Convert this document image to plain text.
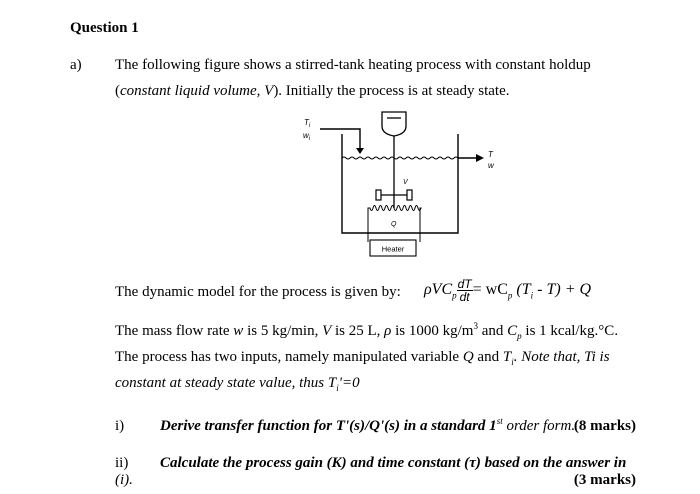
Question 1
a) The following figure shows a stirred-tank heating process with constant holdup
(constant liquid volume, V). Initially the process is at steady state.
$T_i$
$w_i$
T
w
V
Q
Heater
The dynamic model for the process is given by: $\rho VC_p \frac{dT}{dt} = wC_p$ $(T_i - T) + Q$
The mass flow rate w is 5 kg/min, V is 25 L, ρ is 1000 $kg/m^3$ and $C_p$ is 1 kcal/kg.°C.
The process has two inputs, namely manipulated variable Q and $T_i$. Note that, Ti is
constant at steady state value, thus $T_i'=0$
i) Derive transfer function for T'(s)/Q'(s) in a standard 1st order form.
(8 marks)
ii) Calculate the process gain (K) and time constant (τ) based on the answer in
(i).	(3 marks)
